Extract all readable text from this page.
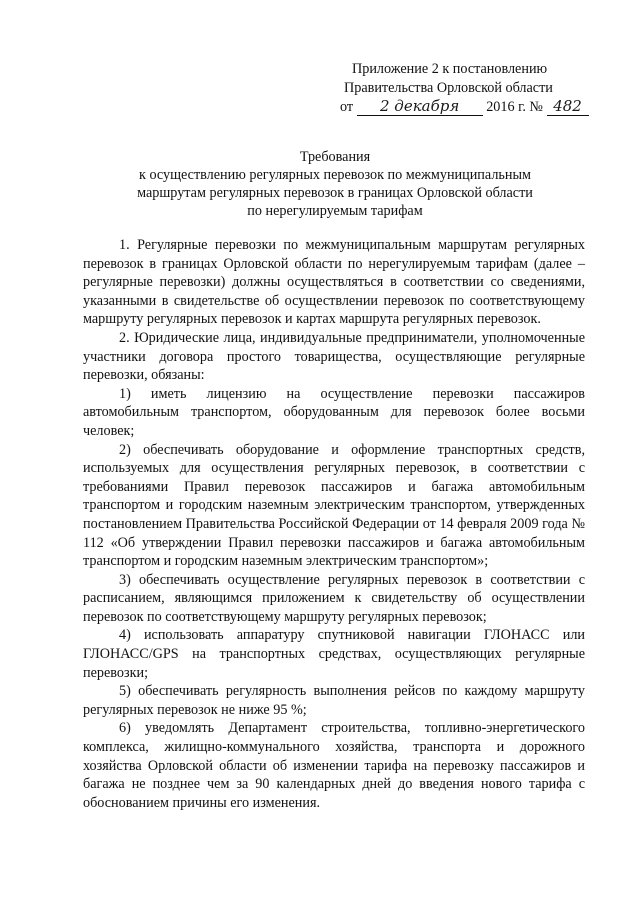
Приложение 2 к постановлению
Правительства Орловской области
от 2 декабря 2016 г. № 482
Требования
к осуществлению регулярных перевозок по межмуниципальным
маршрутам регулярных перевозок в границах Орловской области
по нерегулируемым тарифам

1. Регулярные перевозки по межмуниципальным маршрутам регулярных перевозок в границах Орловской области по нерегулируемым тарифам (далее – регулярные перевозки) должны осуществляться в соответствии со сведениями, указанными в свидетельстве об осуществлении перевозок по соответствующему маршруту регулярных перевозок и картах маршрута регулярных перевозок.

2. Юридические лица, индивидуальные предприниматели, уполномоченные участники договора простого товарищества, осуществляющие регулярные перевозки, обязаны:

1) иметь лицензию на осуществление перевозки пассажиров автомобильным транспортом, оборудованным для перевозок более восьми человек;

2) обеспечивать оборудование и оформление транспортных средств, используемых для осуществления регулярных перевозок, в соответствии с требованиями Правил перевозок пассажиров и багажа автомобильным транспортом и городским наземным электрическим транспортом, утвержденных постановлением Правительства Российской Федерации от 14 февраля 2009 года № 112 «Об утверждении Правил перевозки пассажиров и багажа автомобильным транспортом и городским наземным электрическим транспортом»;

3) обеспечивать осуществление регулярных перевозок в соответствии с расписанием, являющимся приложением к свидетельству об осуществлении перевозок по соответствующему маршруту регулярных перевозок;

4) использовать аппаратуру спутниковой навигации ГЛОНАСС или ГЛОНАСС/GPS на транспортных средствах, осуществляющих регулярные перевозки;

5) обеспечивать регулярность выполнения рейсов по каждому маршруту регулярных перевозок не ниже 95 %;

6) уведомлять Департамент строительства, топливно-энергетического комплекса, жилищно-коммунального хозяйства, транспорта и дорожного хозяйства Орловской области об изменении тарифа на перевозку пассажиров и багажа не позднее чем за 90 календарных дней до введения нового тарифа с обоснованием причины его изменения.
